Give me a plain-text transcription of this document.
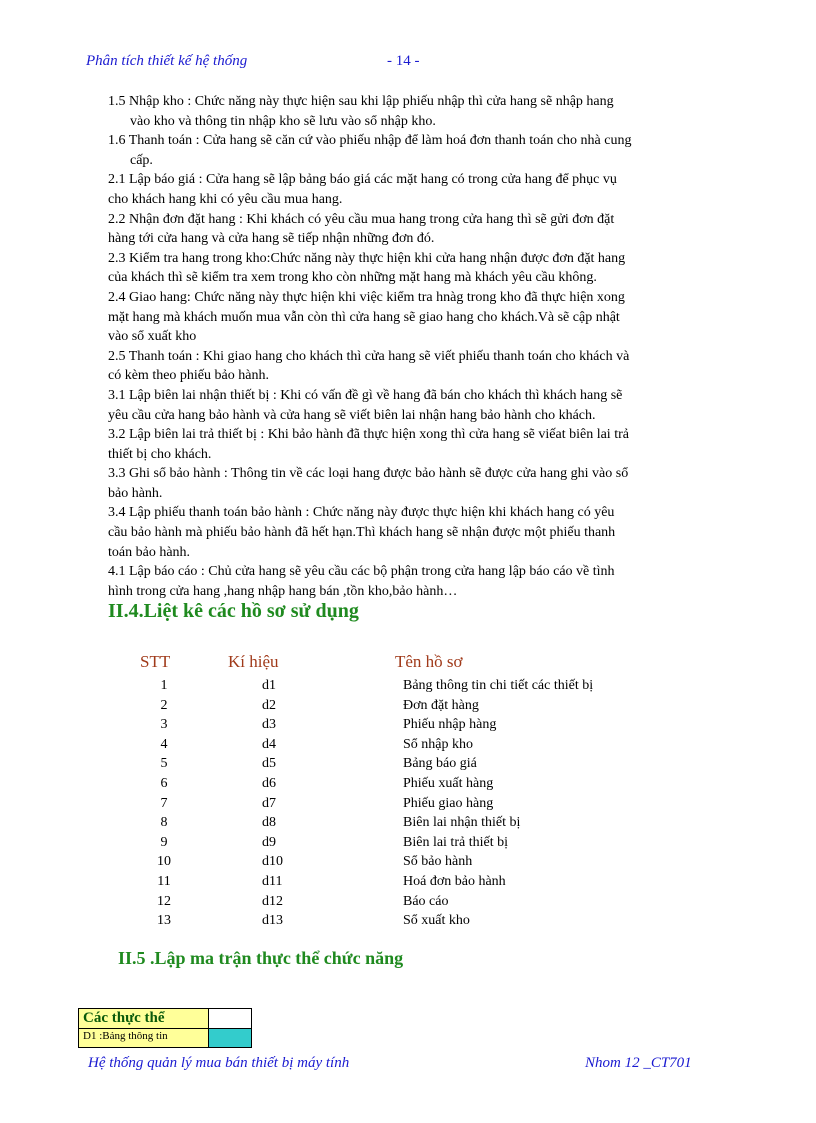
Phân tích thiết kế hệ thống	- 14 -

1.5 Nhập kho : Chức năng này thực hiện sau khi lập phiếu nhập thì cửa hang sẽ nhập hang

vào kho và thông tin nhập kho sẽ lưu vào sổ nhập kho.

1.6 Thanh toán : Cửa hang sẽ căn cứ vào phiếu nhập để làm hoá đơn thanh toán cho nhà cung

cấp.

2.1 Lập báo giá : Cửa hang sẽ lập bảng báo giá các mặt hang có trong cửa hang để phục vụ

cho khách hang khi có yêu cầu mua hang.

2.2 Nhận đơn đặt hang : Khi khách có yêu cầu mua hang trong cửa hang thì sẽ gửi đơn đặt

hàng tới cửa hang và cửa hang sẽ tiếp nhận những đơn đó.

2.3 Kiểm tra hang trong kho:Chức năng này thực hiện khi cửa hang nhận được đơn đặt hang

của khách thì sẽ kiểm tra xem trong kho còn những mặt hang mà khách yêu cầu không.

2.4 Giao hang: Chức năng này thực hiện khi việc kiểm tra hnàg trong kho đã thực hiện xong

mặt hang mà khách muốn mua vẫn còn thì cửa hang sẽ giao hang cho khách.Và sẽ cập nhật

vào sổ xuất kho

2.5 Thanh toán : Khi giao hang cho khách thì cửa hang sẽ viết phiếu thanh toán cho khách và

có kèm theo phiếu bảo hành.

3.1 Lập biên lai nhận thiết bị : Khi có vấn đề gì về hang đã bán cho khách thì khách hang sẽ

yêu cầu cửa hang bảo hành và cửa hang sẽ viết biên lai nhận hang bảo hành cho khách.

3.2 Lập biên lai trả thiết bị : Khi bảo hành đã thực hiện xong thì cửa hang sẽ viếat biên lai trả

thiết bị cho khách.

3.3 Ghi sổ bảo hành : Thông tin về các loại hang được bảo hành sẽ được cửa hang ghi vào sổ

bảo hành.

3.4 Lập phiếu thanh toán bảo hành : Chức năng này được thực hiện khi khách hang có yêu

cầu bảo hành mà phiếu bảo hành đã hết hạn.Thì khách hang sẽ nhận được một phiếu thanh

toán bảo hành.

4.1 Lập báo cáo : Chủ cửa hang sẽ yêu cầu các bộ phận trong cửa hang lập báo cáo về tình

hình trong cửa hang ,hang nhập hang bán ,tồn kho,bảo hành…

II.4.Liệt kê các hồ sơ sử dụng
STT	Kí hiệu	Tên hồ sơ
1	d1	Bảng thông tin chi tiết các thiết bị
2	d2	Đơn đặt hàng
3	d3	Phiếu nhập hàng
4	d4	Sổ nhập kho
5	d5	Bảng báo giá
6	d6	Phiếu xuất hàng
7	d7	Phiếu giao hàng
8	d8	Biên lai nhận thiết bị
9	d9	Biên lai trả thiết bị
10	d10	Sổ bảo hành
11	d11	Hoá đơn bảo hành
12	d12	Báo cáo
13	d13	Sổ xuất kho
II.5 .Lập ma trận thực thể chức năng
Các thực thể
D1 :Bảng thông tin
Hệ thống quản lý mua bán thiết bị máy tính	Nhom 12 _CT701
